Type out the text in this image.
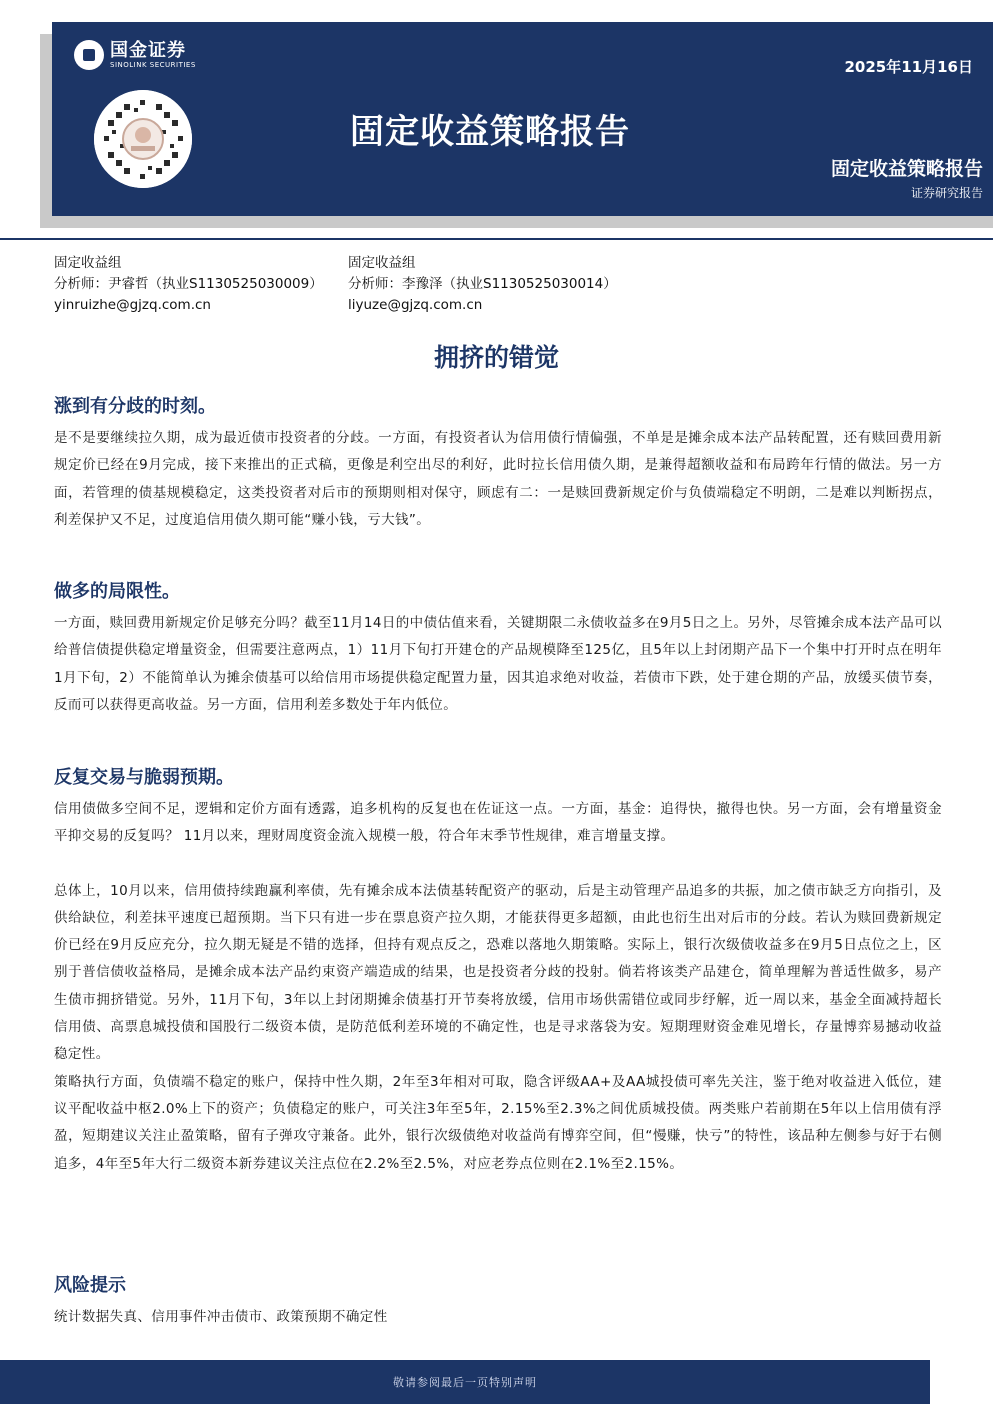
国金证券
SINOLINK SECURITIES	2025年11月16日
固定收益策略报告
固定收益策略报告
证券研究报告
固定收益组
分析师：尹睿哲（执业S1130525030009）
yinruizhe@gjzq.com.cn
固定收益组
分析师：李豫泽（执业S1130525030014）
liyuze@gjzq.com.cn
拥挤的错觉
涨到有分歧的时刻。

是不是要继续拉久期，成为最近债市投资者的分歧。一方面，有投资者认为信用债行情偏强，不单是是摊余成本法产品转配置，还有赎回费用新规定价已经在9月完成，接下来推出的正式稿，更像是利空出尽的利好，此时拉长信用债久期，是兼得超额收益和布局跨年行情的做法。另一方面，若管理的债基规模稳定，这类投资者对后市的预期则相对保守，顾虑有二：一是赎回费新规定价与负债端稳定不明朗，二是难以判断拐点，利差保护又不足，过度追信用债久期可能“赚小钱，亏大钱”。

做多的局限性。

一方面，赎回费用新规定价足够充分吗？截至11月14日的中债估值来看，关键期限二永债收益多在9月5日之上。另外，尽管摊余成本法产品可以给普信债提供稳定增量资金，但需要注意两点，1）11月下旬打开建仓的产品规模降至125亿，且5年以上封闭期产品下一个集中打开时点在明年1月下旬，2）不能简单认为摊余债基可以给信用市场提供稳定配置力量，因其追求绝对收益，若债市下跌，处于建仓期的产品，放缓买债节奏，反而可以获得更高收益。另一方面，信用利差多数处于年内低位。

反复交易与脆弱预期。

信用债做多空间不足，逻辑和定价方面有透露，追多机构的反复也在佐证这一点。一方面，基金：追得快，撤得也快。另一方面，会有增量资金平抑交易的反复吗？ 11月以来，理财周度资金流入规模一般，符合年末季节性规律，难言增量支撑。

总体上，10月以来，信用债持续跑赢利率债，先有摊余成本法债基转配资产的驱动，后是主动管理产品追多的共振，加之债市缺乏方向指引，及供给缺位，利差抹平速度已超预期。当下只有进一步在票息资产拉久期，才能获得更多超额，由此也衍生出对后市的分歧。若认为赎回费新规定价已经在9月反应充分，拉久期无疑是不错的选择，但持有观点反之，恐难以落地久期策略。实际上，银行次级债收益多在9月5日点位之上，区别于普信债收益格局，是摊余成本法产品约束资产端造成的结果，也是投资者分歧的投射。倘若将该类产品建仓，简单理解为普适性做多，易产生债市拥挤错觉。另外，11月下旬，3年以上封闭期摊余债基打开节奏将放缓，信用市场供需错位或同步纾解，近一周以来，基金全面减持超长信用债、高票息城投债和国股行二级资本债，是防范低利差环境的不确定性，也是寻求落袋为安。短期理财资金难见增长，存量博弈易撼动收益稳定性。

策略执行方面，负债端不稳定的账户，保持中性久期，2年至3年相对可取，隐含评级AA+及AA城投债可率先关注，鉴于绝对收益进入低位，建议平配收益中枢2.0%上下的资产；负债稳定的账户，可关注3年至5年，2.15%至2.3%之间优质城投债。两类账户若前期在5年以上信用债有浮盈，短期建议关注止盈策略，留有子弹攻守兼备。此外，银行次级债绝对收益尚有博弈空间，但“慢赚，快亏”的特性，该品种左侧参与好于右侧追多，4年至5年大行二级资本新券建议关注点位在2.2%至2.5%，对应老券点位则在2.1%至2.15%。

风险提示

统计数据失真、信用事件冲击债市、政策预期不确定性

敬请参阅最后一页特别声明
